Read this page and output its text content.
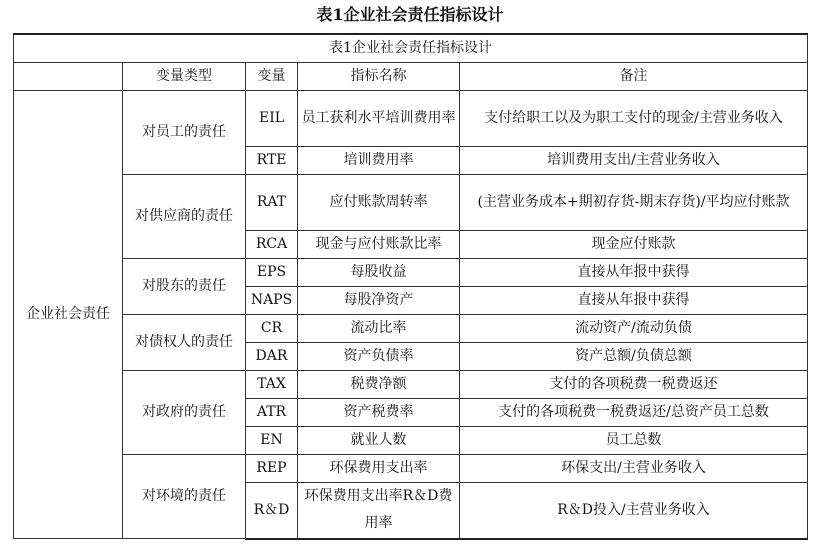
表1企业社会责任指标设计
表1企业社会责任指标设计				
	变量类型	变量	指标名称	备注
企业社会责任	对员工的责任	EIL	员工获利水平培训费用率	支付给职工以及为职工支付的现金/主营业务收入
		RTE	培训费用率	培训费用支出/主营业务收入
	对供应商的责任	RAT	应付账款周转率	(主营业务成本+期初存货-期末存货)/平均应付账款
		RCA	现金与应付账款比率	现金应付账款
	对股东的责任	EPS	每股收益	直接从年报中获得
		NAPS	每股净资产	直接从年报中获得
	对债权人的责任	CR	流动比率	流动资产/流动负债
		DAR	资产负债率	资产总额/负债总额
	对政府的责任	TAX	税费净额	支付的各项税费一税费返还
		ATR	资产税费率	支付的各项税费一税费返还/总资产员工总数
		EN	就业人数	员工总数
	对环境的责任	REP	环保费用支出率	环保支出/主营业务收入
		R＆D	环保费用支出率R＆D费用率	R＆D投入/主营业务收入
